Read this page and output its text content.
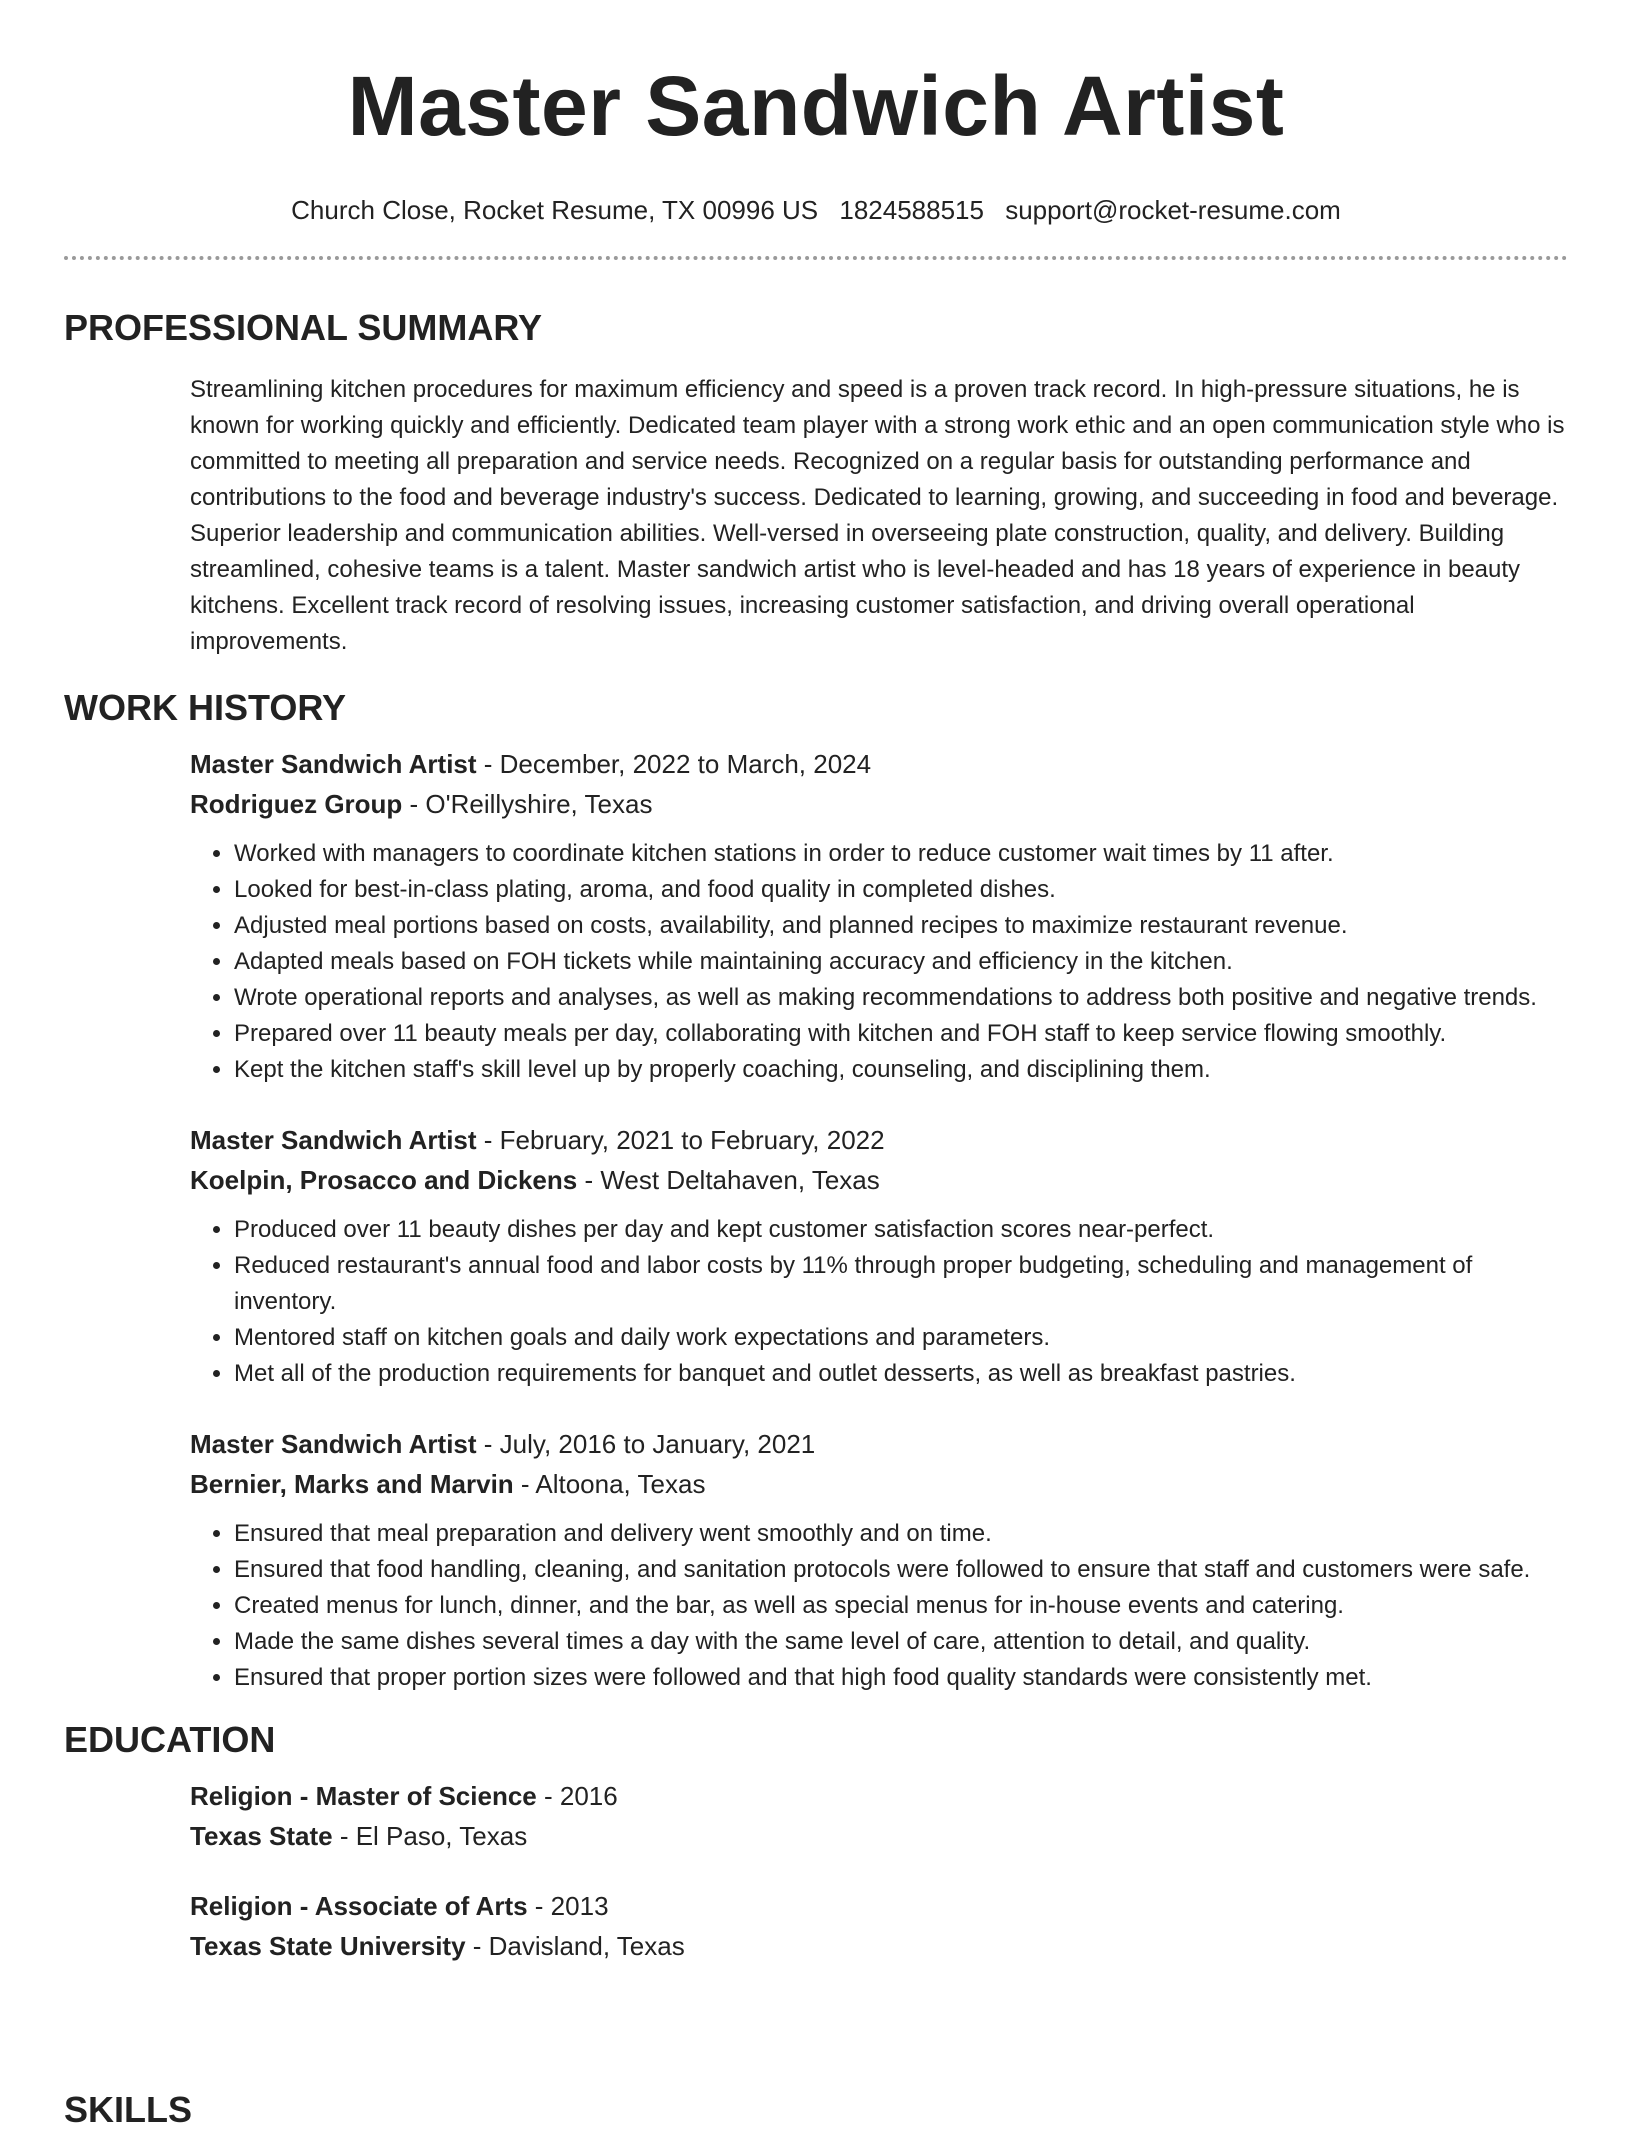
Master Sandwich Artist
Church Close, Rocket Resume, TX 00996 US 1824588515 support@rocket-resume.com
PROFESSIONAL SUMMARY
Streamlining kitchen procedures for maximum efficiency and speed is a proven track record. In high-pressure situations, he is known for working quickly and efficiently. Dedicated team player with a strong work ethic and an open communication style who is committed to meeting all preparation and service needs. Recognized on a regular basis for outstanding performance and contributions to the food and beverage industry's success. Dedicated to learning, growing, and succeeding in food and beverage. Superior leadership and communication abilities. Well-versed in overseeing plate construction, quality, and delivery. Building streamlined, cohesive teams is a talent. Master sandwich artist who is level-headed and has 18 years of experience in beauty kitchens. Excellent track record of resolving issues, increasing customer satisfaction, and driving overall operational improvements.
WORK HISTORY
Master Sandwich Artist - December, 2022 to March, 2024
Rodriguez Group - O'Reillyshire, Texas
• Worked with managers to coordinate kitchen stations in order to reduce customer wait times by 11 after.
• Looked for best-in-class plating, aroma, and food quality in completed dishes.
• Adjusted meal portions based on costs, availability, and planned recipes to maximize restaurant revenue.
• Adapted meals based on FOH tickets while maintaining accuracy and efficiency in the kitchen.
• Wrote operational reports and analyses, as well as making recommendations to address both positive and negative trends.
• Prepared over 11 beauty meals per day, collaborating with kitchen and FOH staff to keep service flowing smoothly.
• Kept the kitchen staff's skill level up by properly coaching, counseling, and disciplining them.
Master Sandwich Artist - February, 2021 to February, 2022
Koelpin, Prosacco and Dickens - West Deltahaven, Texas
• Produced over 11 beauty dishes per day and kept customer satisfaction scores near-perfect.
• Reduced restaurant's annual food and labor costs by 11% through proper budgeting, scheduling and management of inventory.
• Mentored staff on kitchen goals and daily work expectations and parameters.
• Met all of the production requirements for banquet and outlet desserts, as well as breakfast pastries.
Master Sandwich Artist - July, 2016 to January, 2021
Bernier, Marks and Marvin - Altoona, Texas
• Ensured that meal preparation and delivery went smoothly and on time.
• Ensured that food handling, cleaning, and sanitation protocols were followed to ensure that staff and customers were safe.
• Created menus for lunch, dinner, and the bar, as well as special menus for in-house events and catering.
• Made the same dishes several times a day with the same level of care, attention to detail, and quality.
• Ensured that proper portion sizes were followed and that high food quality standards were consistently met.
EDUCATION
Religion - Master of Science - 2016
Texas State - El Paso, Texas
Religion - Associate of Arts - 2013
Texas State University - Davisland, Texas
SKILLS
